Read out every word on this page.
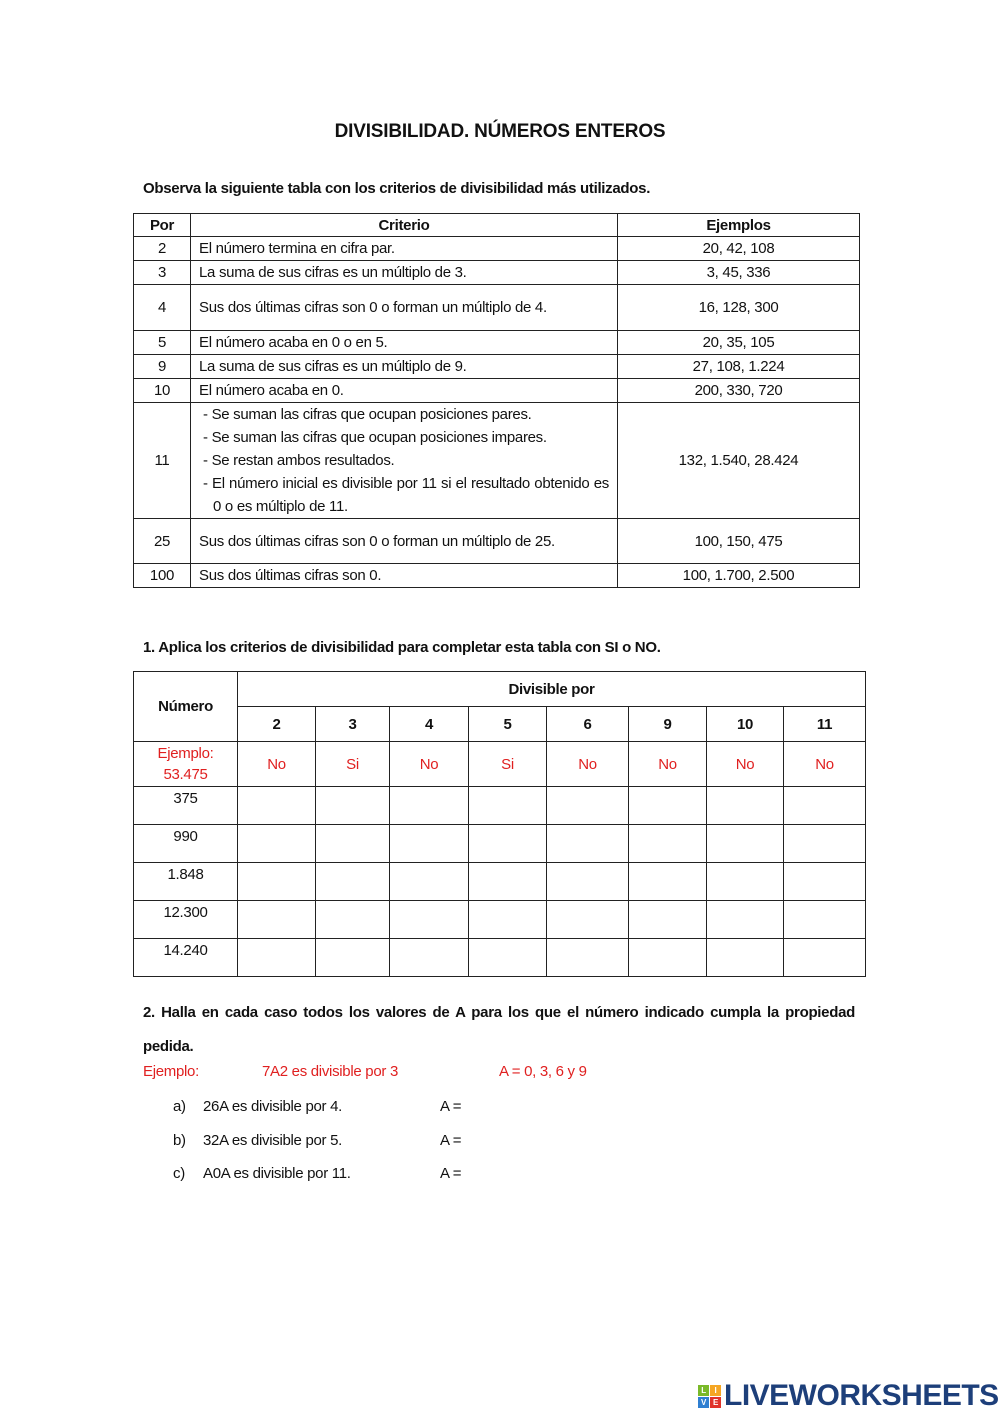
DIVISIBILIDAD. NÚMEROS ENTEROS
Observa la siguiente tabla con los criterios de divisibilidad más utilizados.
Por	Criterio	Ejemplos
2	El número termina en cifra par.	20, 42, 108
3	La suma de sus cifras es un múltiplo de 3.	3, 45, 336
4	Sus dos últimas cifras son 0 o forman un múltiplo de 4.	16, 128, 300
5	El número acaba en 0 o en 5.	20, 35, 105
9	La suma de sus cifras es un múltiplo de 9.	27, 108, 1.224
10	El número acaba en 0.	200, 330, 720
11	- Se suman las cifras que ocupan posiciones pares.
- Se suman las cifras que ocupan posiciones impares.
- Se restan ambos resultados.
- El número inicial es divisible por 11 si el resultado obtenido es 0 o es múltiplo de 11.	132, 1.540, 28.424
25	Sus dos últimas cifras son 0 o forman un múltiplo de 25.	100, 150, 475
100	Sus dos últimas cifras son 0.	100, 1.700, 2.500
1. Aplica los criterios de divisibilidad para completar esta tabla con SI o NO.
Número	Divisible por							
	2	3	4	5	6	9	10	11

Ejemplo:
53.475	No	Si	No	Si	No	No	No	No
375								
990								
1.848								
12.300								
14.240								
2. Halla en cada caso todos los valores de A para los que el número indicado cumpla la propiedad pedida.
Ejemplo:	7A2 es divisible por 3	A = 0, 3, 6 y 9
a) 26A es divisible por 4.	A =
b) 32A es divisible por 5.	A =
c) A0A es divisible por 11.	A =
L	I
V E LIVEWORKSHEETS
